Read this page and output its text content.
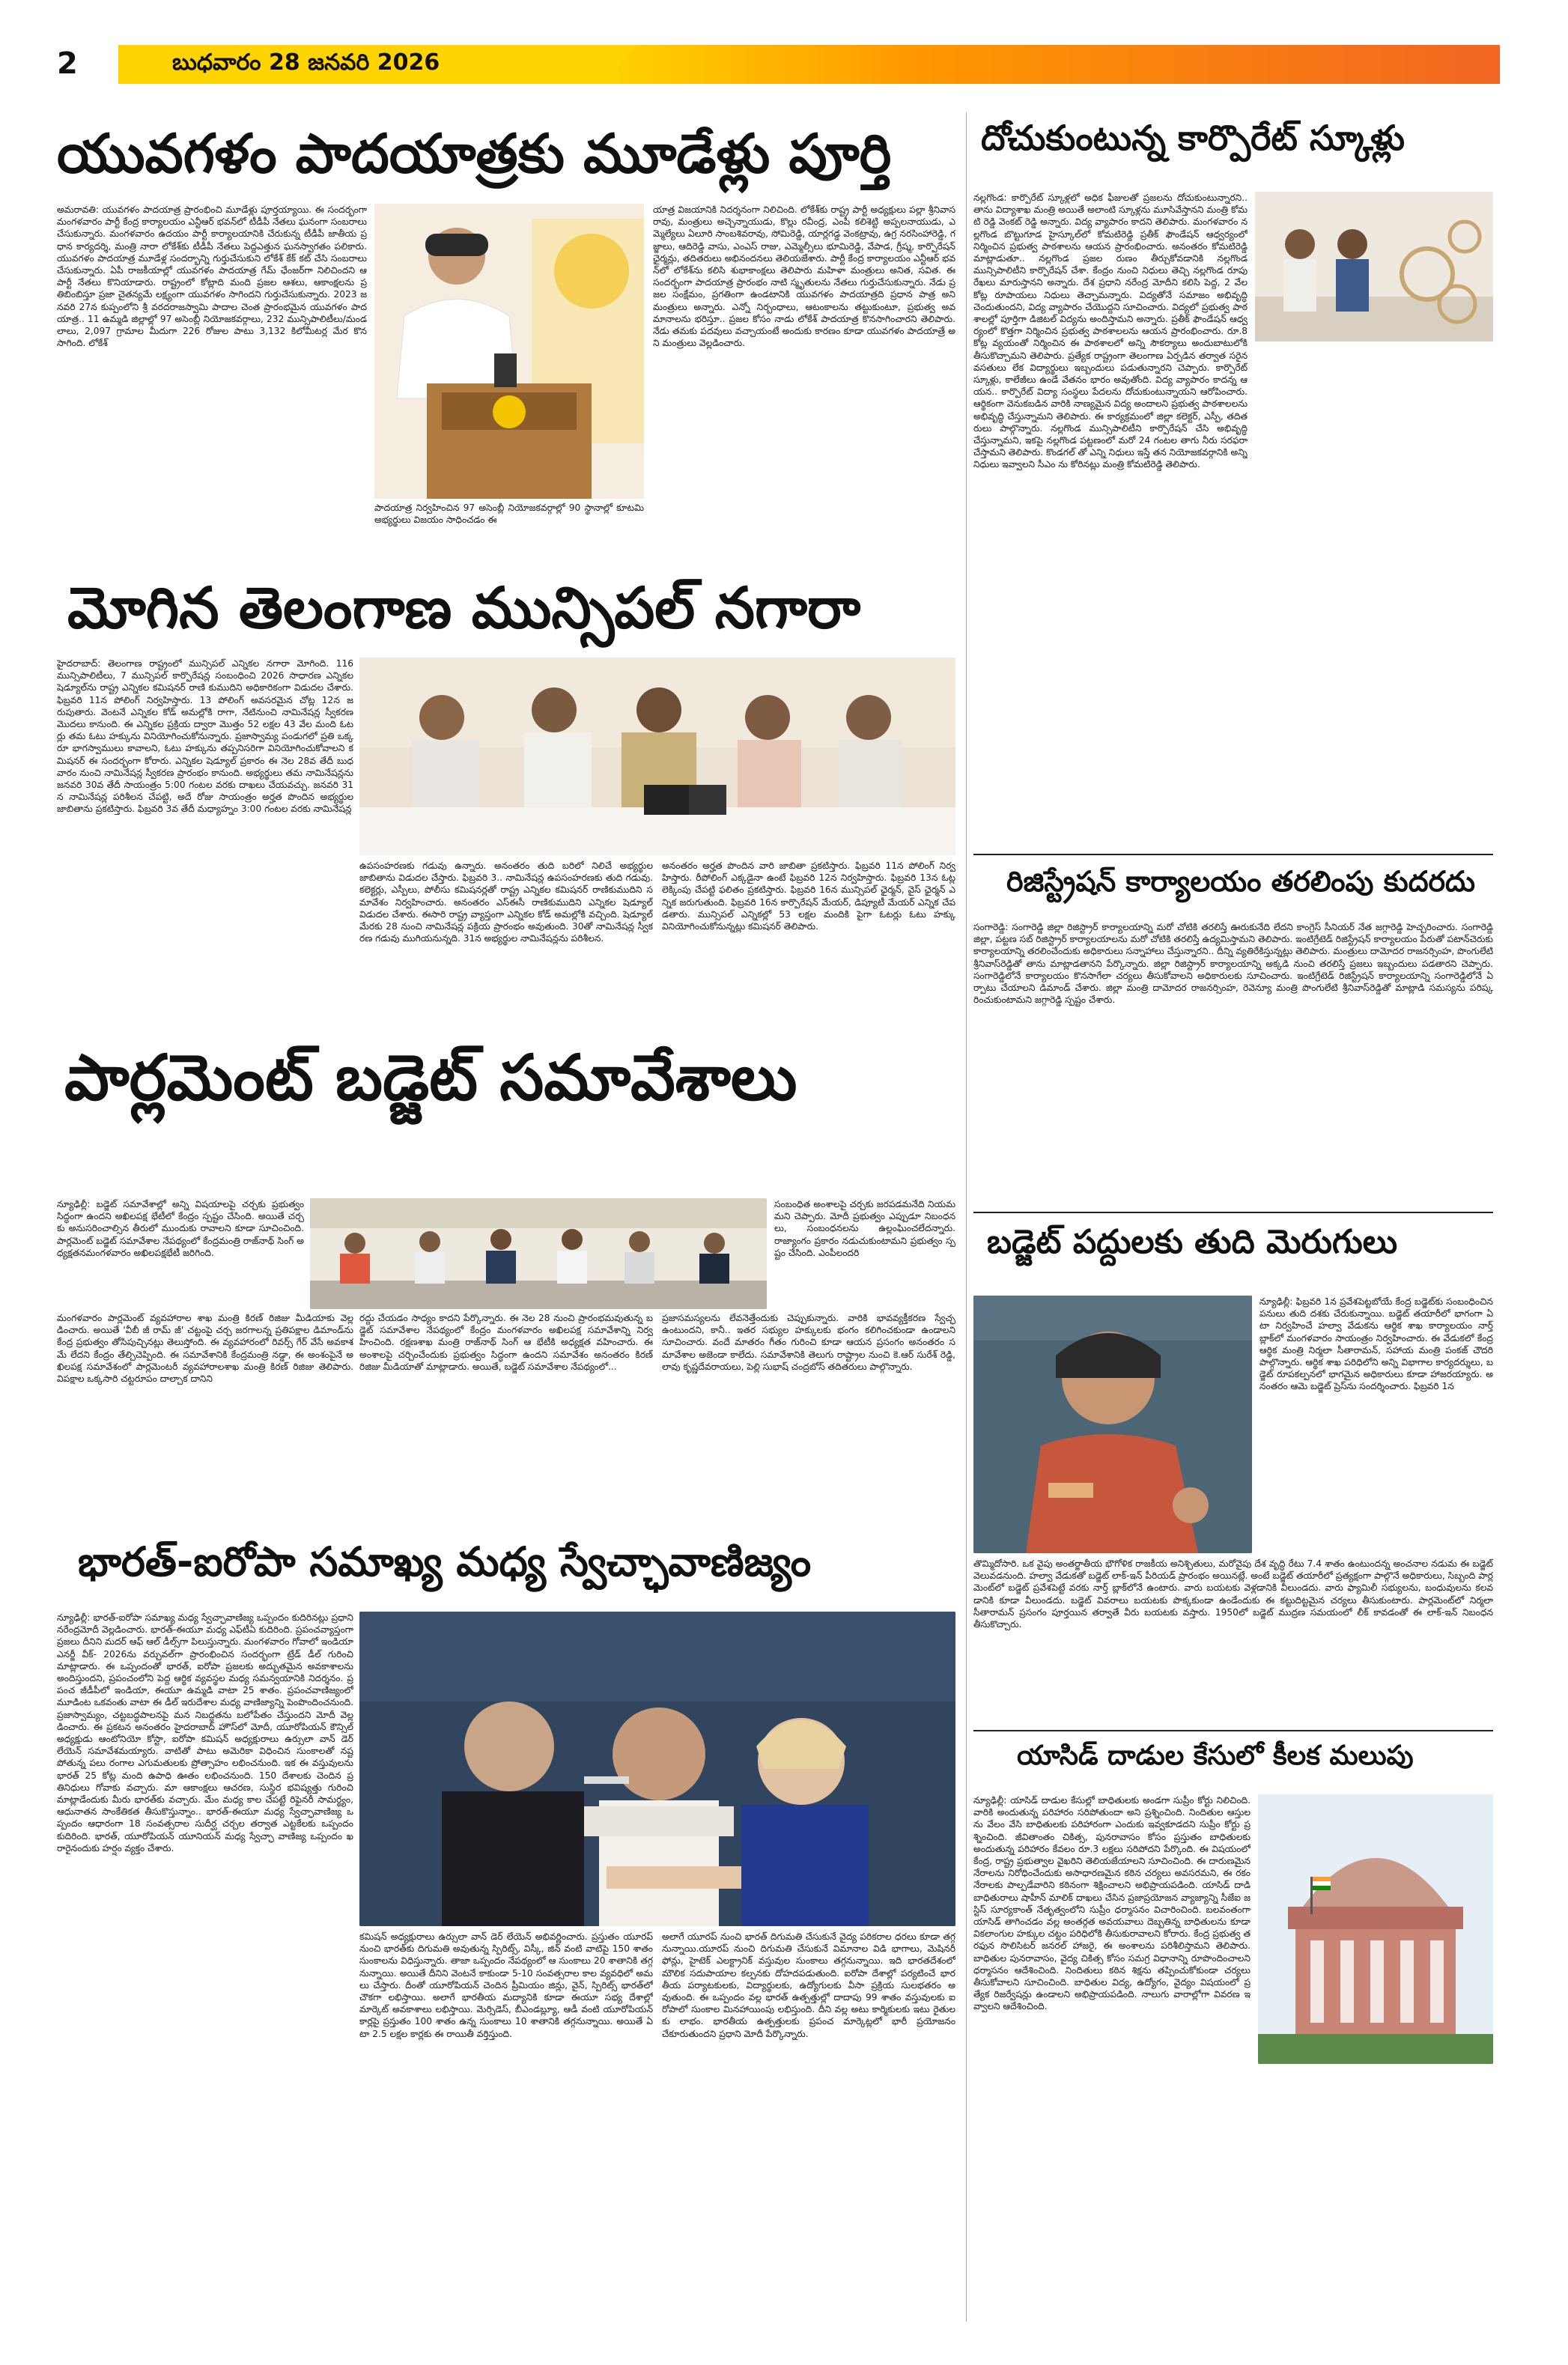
2	బుధవారం 28 జనవరి 2026
యువగళం పాదయాత్రకు మూడేళ్లు పూర్తి
అమరావతి: యువగళం పాదయాత్ర ప్రారంభించి మూడేళ్లు పూర్తయ్యాయి. ఈ సందర్భంగా మంగళవారం పార్టీ కేంద్ర కార్యాలయం ఎన్టీఆర్ భవన్‌లో టీడీపీ నేతలు ఘనంగా సంబరాలు చేసుకున్నారు. మంగళవారం ఉదయం పార్టీ కార్యాలయానికి చేరుకున్న టీడీపీ జాతీయ ప్రధాన కార్యదర్శి, మంత్రి నారా లోకేశ్‌కు టీడీపీ నేతలు పెద్దఎత్తున ఘనస్వాగతం పలికారు. యువగళం పాదయాత్ర మూడేళ్ల సందర్భాన్ని గుర్తుచేసుకుని లోకేశ్ కేక్ కట్ చేసి సంబరాలు చేసుకున్నారు. ఏపీ రాజకీయాల్లో యువగళం పాదయాత్ర గేమ్ ఛేంజర్‌గా నిలిచిందని ఆ పార్టీ నేతలు కొనియాడారు. రాష్ట్రంలో కోట్లాది మంది ప్రజల ఆశలు, ఆకాంక్షలను ప్రతిబింబిస్తూ ప్రజా చైతన్యమే లక్ష్యంగా యువగళం సాగిందని గుర్తుచేసుకున్నారు. 2023 జనవరి 27న కుప్పంలోని శ్రీ వరదరాజస్వామి పాదాల చెంత ప్రారంభమైన యువగళం పాదయాత్ర.. 11 ఉమ్మడి జిల్లాల్లో 97 అసెంబ్లీ నియోజకవర్గాలు, 232 మున్సిపాలిటీలు/మండలాలు, 2,097 గ్రామాల మీదుగా 226 రోజుల పాటు 3,132 కిలోమీటర్ల మేర కొనసాగింది. లోకేశ్
పాదయాత్ర నిర్వహించిన 97 అసెంబ్లీ నియోజకవర్గాల్లో 90 స్థానాల్లో కూటమి అభ్యర్థులు విజయం సాధించడం ఈ
యాత్ర విజయానికి నిదర్శనంగా నిలిచింది. లోకేశ్‌కు రాష్ట్ర పార్టీ అధ్యక్షులు పల్లా శ్రీనివాసరావు, మంత్రులు అచ్చెన్నాయుడు, కొల్లు రవీంద్ర, ఎంపీ కలిశెట్టి అప్పలనాయుడు, ఎమ్మెల్యేలు ఏలూరి సాంబశివరావు, సోమిరెడ్డి, యార్లగడ్డ వెంకట్రావు, ఉగ్ర నరసింహారెడ్డి, గజ్జాలు, ఆదిరెడ్డి వాసు, ఎంఎస్ రాజు, ఎమ్మెల్సీలు భూమిరెడ్డి, వేపాడ, గ్రీష్మ, కార్పొరేషన్ ఛైర్మన్లు, తదితరులు అభినందనలు తెలియజేశారు. పార్టీ కేంద్ర కార్యాలయం ఎన్టీఆర్ భవన్‌లో లోకేశ్‌ను కలిసి శుభాకాంక్షలు తెలిపారు మహిళా మంత్రులు అనిత, సవిత. ఈ సందర్భంగా పాదయాత్ర ప్రారంభం నాటి స్మృతులను నేతలు గుర్తుచేసుకున్నారు. నేడు ప్రజల సంక్షేమం, ప్రగతింగా ఉండటానికి యువగళం పాదయాత్రది ప్రధాన పాత్ర అని మంత్రులు అన్నారు. ఎన్నో నిర్బంధాలు, ఆటంకాలను తట్టుకుంటూ, ప్రభుత్వ అవమానాలను భరిస్తూ.. ప్రజల కోసం నాడు లోకేశ్ పాదయాత్ర కొనసాగించారని తెలిపారు. నేడు తమకు పదవులు వచ్చాయంటే అందుకు కారణం కూడా యువగళం పాదయాత్రే అని మంత్రులు వెల్లడించారు.
మోగిన తెలంగాణ మున్సిపల్ నగారా
హైదరాబాద్: తెలంగాణ రాష్ట్రంలో మున్సిపల్ ఎన్నికల నగారా మోగింది. 116 మున్సిపాలిటీలు, 7 మున్సిపల్ కార్పొరేషన్ల సంబంధించి 2026 సాధారణ ఎన్నికల షెడ్యూల్‌ను రాష్ట్ర ఎన్నికల కమిషనర్ రాణి కుముదిని అధికారికంగా విడుదల చేశారు. ఫిబ్రవరి 11న పోలింగ్ నిర్వహిస్తారు. 13 పోలింగ్ అవసరమైన చోట్ల 12న జరుపుతారు. వెంటనే ఎన్నికల కోడ్ అమల్లోకి రాగా, నేటినుంచి నామినేషన్ల స్వీకరణ మొదలు కానుంది. ఈ ఎన్నికల ప్రక్రియ ద్వారా మొత్తం 52 లక్షల 43 వేల మంది ఓటర్లు తమ ఓటు హక్కును వినియోగించుకోనున్నారు. ప్రజాస్వామ్య పండుగలో ప్రతి ఒక్కరూ భాగస్వాములు కావాలని, ఓటు హక్కును తప్పనిసరిగా వినియోగించుకోవాలని కమిషనర్ ఈ సందర్భంగా కోరారు. ఎన్నికల షెడ్యూల్ ప్రకారం ఈ నెల 28వ తేదీ బుధవారం నుంచి నామినేషన్ల స్వీకరణ ప్రారంభం కానుంది. అభ్యర్థులు తమ నామినేషన్లను జనవరి 30వ తేదీ సాయంత్రం 5:00 గంటల వరకు దాఖలు చేయవచ్చు. జనవరి 31న నామినేషన్ల పరిశీలన చేపట్టి, అదే రోజు సాయంత్రం అర్హత పొందిన అభ్యర్థుల జాబితాను ప్రకటిస్తారు. ఫిబ్రవరి 3వ తేదీ మధ్యాహ్నం 3:00 గంటల వరకు నామినేషన్ల
ఉపసంహరణకు గడువు ఉన్నారు. అనంతరం తుది బరిలో నిలిచే అభ్యర్థుల జాబితాను విడుదల చేస్తారు. ఫిబ్రవరి 3.. నామినేషన్ల ఉపసంహరణకు తుది గడువు. కలెక్టర్లు, ఎస్పీలు, పోలీసు కమిషనర్లతో రాష్ట్ర ఎన్నికల కమిషనర్ రాణికుముదిని సమావేశం నిర్వహించారు. అనంతరం ఎస్‌ఈసీ రాణికుముదిని ఎన్నికల షెడ్యూల్ విడుదల చేశారు. ఈసారి రాష్ట్ర వ్యాప్తంగా ఎన్నికల కోడ్ అమల్లోకి వచ్చింది. షెడ్యూల్ మేరకు 28 నుంచి నామినేషన్ల పక్రియ ప్రారంభం అవుతుంది. 30తో నామినేషన్ల స్వీకరణ గడువు ముగియనున్నది. 31న అభ్యర్థుల నామినేషన్లను పరిశీలన.
అనంతరం అర్హత పొందిన వారి జాబితా ప్రకటిస్తారు. ఫిబ్రవరి 11న పోలింగ్ నిర్వహిస్తారు. రీపోలింగ్ ఎక్కడైనా ఉంటే ఫిబ్రవరి 12న నిర్వహిస్తారు. ఫిబ్రవరి 13న ఓట్ల లెక్కింపు చేపట్టి ఫలితం ప్రకటిస్తారు. ఫిబ్రవరి 16న మున్సిపల్ ఛైర్మన్, వైస్ ఛైర్మన్ ఎన్నిక జరుగుతుంది. ఫిబ్రవరి 16న కార్పొరేషన్ మేయర్, డిప్యూటీ మేయర్ ఎన్నిక చేపడతారు. మున్సిపల్ ఎన్నికల్లో 53 లక్షల మందికి పైగా ఓటర్లు ఓటు హక్కు వినియోగించుకోనున్నట్లు కమిషనర్ తెలిపారు.
పార్లమెంట్ బడ్జెట్ సమావేశాలు
న్యూఢిల్లీ: బడ్జెట్ సమావేశాల్లో అన్ని విషయాలపై చర్చకు ప్రభుత్వం సిద్ధంగా ఉందని అఖిలపక్ష భేటీలో కేంద్రం స్పష్టం చేసింది. అయితే చర్చకు అనుసరించాల్సిన తీరులో ముందుకు రావాలని కూడా సూచించింది. పార్లమెంట్ బడ్జెట్ సమావేశాల నేపథ్యంలో కేంద్రమంత్రి రాజ్‌నాథ్ సింగ్ అధ్యక్షతనమంగళవారం అఖిలపక్షభేటీ జరిగింది.
సంబంధిత అంశాలపై చర్చకు జరపడమనేది నియమమని చెప్పారు. మోదీ ప్రభుత్వం ఎప్పుడూ నిబంధనలు, సంబంధనలను ఉల్లంఘించలేదన్నారు. రాజ్యాంగం ప్రకారం నడుచుకుంటామని ప్రభుత్వం స్పష్టం చేసింది. ఎంపీలందరి
మంగళవారం పార్లమెంట్ వ్యవహారాల శాఖ మంత్రి కిరణ్ రిజిజు మీడియాకు వెల్లడించారు. అయితే 'వీబీ జీ రామ్ జీ' చట్టంపై చర్చ జరగాలన్న ప్రతిపక్షాల డిమాండ్‌ను కేంద్ర ప్రభుత్వం తోసిపుచ్చినట్లు తెలుస్తోంది. ఈ వ్యవహారంలో రివర్స్ గేర్ వేసే అవకాశమే లేదని కేంద్రం తేల్చిచెప్పింది. ఈ సమావేశానికి కేంద్రమంత్రి నడ్డా, ఈ అంశంపైనే అఖిలపక్ష సమావేశంలో పార్లమెంటరీ వ్యవహారాలశాఖ మంత్రి కిరణ్ రిజిజు తెలిపారు. విపక్షాల ఒక్కసారి చట్టరూపం దాల్చాక దానిని
రద్దు చేయడం సాధ్యం కాదని పేర్కొన్నారు. ఈ నెల 28 నుంచి ప్రారంభమవుతున్న బడ్జెట్ సమావేశాల నేపథ్యంలో కేంద్రం మంగళవారం అఖిలపక్ష సమావేశాన్ని నిర్వహించింది. రక్షణశాఖ మంత్రి రాజ్‌నాథ్ సింగ్ ఆ భేటీకి అధ్యక్షత వహించారు. ఈ అంశాలపై చర్చించేందుకు ప్రభుత్వం సిద్ధంగా ఉందని సమావేశం అనంతరం కిరణ్ రిజిజు మీడియాతో మాట్లాడారు. అయితే, బడ్జెట్ సమావేశాల నేపథ్యంలో...
ప్రజాసమస్యలను లేవనెత్తేందుకు చెప్పుకున్నారు. వారికి భావవ్యక్తీకరణ స్వేచ్ఛ ఉంటుందని, కానీ.. ఇతర సభ్యుల హక్కులకు భంగం కలిగించకుండా ఉండాలని సూచించారు. వందే మాతరం గీతం గురించి కూడా ఆయన ప్రసంగం అనంతరం సమావేశాల అజెండా కాలేదు. సమావేశానికి తెలుగు రాష్ట్రాల నుంచి కె.ఆర్ సురేశ్ రెడ్డి, లావు కృష్ణదేవరాయలు, పెల్లి సుభాష్ చంద్రబోస్ తదితరులు పాల్గొన్నారు.
భారత్‌-ఐరోపా సమాఖ్య మధ్య స్వేచ్ఛావాణిజ్యం
న్యూఢిల్లీ: భారత్-ఐరోపా సమాఖ్య మధ్య స్వేచ్ఛావాణిజ్య ఒప్పందం కుదిరినట్లు ప్రధాని నరేంద్రమోదీ వెల్లడించారు. భారత్-ఈయూ మధ్య ఎఫ్‌టీఏ కుదిరింది. ప్రపంచవ్యాప్తంగా ప్రజలు దీనిని మదర్ ఆఫ్ ఆల్ డీల్స్‌గా పిలుస్తున్నారు. మంగళవారం గోవాలో ఇండియా ఎనర్జీ వీక్- 2026ను వర్చువల్‌గా ప్రారంభించిన సందర్భంగా ట్రేడ్ డీల్ గురించి మాట్లాడారు. ఈ ఒప్పందంతో భారత్, ఐరోపా ప్రజలకు అద్భుతమైన అవకాశాలను అందిస్తుందని, ప్రపంచంలోని పెద్ద ఆర్థిక వ్యవస్థల మధ్య సమన్వయానికి నిదర్శనం. ప్రపంచ జీడీపీలో ఇండియా, ఈయూ ఉమ్మడి వాటా 25 శాతం. ప్రపంచవాణిజ్యంలో మూడింట ఒకవంతు వాటా ఈ డీల్ ఇరుదేశాల మధ్య వాణిజ్యాన్ని పెంపొందించనుంది. ప్రజాస్వామ్యం, చట్టబద్ధపాలనపై మన నిబద్ధతను బలోపేతం చేస్తుందని మోదీ వెల్లడించారు. ఈ ప్రకటన అనంతరం హైదరాబాద్ హౌస్‌లో మోదీ, యూరోపియన్ కౌన్సిల్ అధ్యక్షుడు ఆంటోనియో కోస్టా, ఐరోపా కమిషన్ అధ్యక్షురాలు ఉర్సులా వాన్ డెర్ లేయెన్ సమావేశమయ్యారు. వాటితో పాటు అమెరికా విధించిన సుంకాలతో నష్టపోతున్న పలు రంగాల ఎగుమతులకు ప్రోత్సాహం లభించనుంది. ఇక ఈ వస్తువులను భారత్ 25 కోట్ల మంది ఉపాధి ఊతం లభించనుంది. 150 దేశాలకు చెందిన ప్రతినిధులు గోవాకు వచ్చారు. మా ఆకాంక్షలు ఆచరణ, సుస్థిర భవిష్యత్తు గురించి మాట్లాడేందుకు మీరు భారత్‌కు వచ్చారు. మేం మధ్య కాల చేపట్టే రిఫైనరీ సామర్థ్యం, ఆధునాతన సాంకేతికత తీసుకొస్తున్నాం.. భారత్-ఈయూ మధ్య స్వేచ్ఛావాణిజ్య ఒప్పందం ఆధారంగా 18 సంవత్సరాల సుదీర్ఘ చర్చల తర్వాత ఎట్టకేలకు ఒప్పందం కుదిరింది. భారత్, యూరోపియన్ యూనియన్ మధ్య స్వేచ్ఛా వాణిజ్య ఒప్పందం ఖరారైనందుకు హర్షం వ్యక్తం చేశారు.
కమిషన్ అధ్యక్షురాలు ఉర్సులా వాన్ డెర్ లేయెన్ అభివర్ణించారు. ప్రస్తుతం యూరప్ నుంచి భారత్‌కు దిగుమతి అవుతున్న స్పిరిట్స్, విస్కీ, జిన్ వంటి వాటిపై 150 శాతం సుంకాలను విధిస్తున్నారు. తాజా ఒప్పందం నేపథ్యంలో ఆ సుంకాలు 20 శాతానికి తగ్గనున్నాయి. అయితే దీనిని వెంటనే కాకుండా 5-10 సంవత్సరాల కాల వ్యవధిలో అమలు చేస్తారు. దీంతో యూరోపియన్ చెందిన ప్రీమియం జిన్లు, వైన్, స్పిరిట్స్ భారత్‌లో చౌకగా లభిస్తాయి. అలాగే భారతీయ మద్యానికి కూడా ఈయూ సభ్య దేశాల్లో మార్కెట్ అవకాశాలు లభిస్తాయి. మెర్సిడెస్, బీఎండబ్ల్యూ, ఆడీ వంటి యూరోపియన్ కార్లపై ప్రస్తుతం 100 శాతం ఉన్న సుంకాలు 10 శాతానికి తగ్గనున్నాయి. అయితే ఏటా 2.5 లక్షల కార్లకు ఈ రాయితీ వర్తిస్తుంది.
అలాగే యూరప్ నుంచి భారత్ దిగుమతి చేసుకునే వైద్య పరికరాల ధరలు కూడా తగ్గనున్నాయి.యూరప్ నుంచి దిగుమతి చేసుకునే విమానాల విడి భాగాలు, మెషినరీ ఫోన్లు, హైటెక్ ఎలక్ట్రానిక్ వస్తువుల సుంకాలు తగ్గనున్నాయి. ఇది భారతదేశంలో మౌలిక సదుపాయాల కల్పనకు దోహదపడుతుంది. ఐరోపా దేశాల్లో పర్యటించే భారతీయ పర్యాటకులకు, విద్యార్థులకు, ఉద్యోగులకు వీసా ప్రక్రియ సులభతరం అవుతుంది. ఈ ఒప్పందం వల్ల భారత్ ఉత్పత్తుల్లో దాదాపు 99 శాతం వస్తువులకు ఐరోపాలో సుంకాల మినహాయింపు లభిస్తుంది. దీని వల్ల అటు కార్మికులకు ఇటు రైతులకు లాభం. భారతీయ ఉత్పత్తులకు ప్రపంచ మార్కెట్లలో భారీ ప్రయోజనం చేకూరుతుందని ప్రధాని మోదీ పేర్కొన్నారు.
దోచుకుంటున్న కార్పొరేట్ స్కూళ్లు
నల్లగొండ: కార్పొరేట్ స్కూళ్లలో అధిక ఫీజులతో ప్రజలను దోచుకుంటున్నారని.. తాను విద్యాశాఖ మంత్రి అయితే అలాంటి స్కూళ్లను మూసివేస్తానని మంత్రి కోమటి రెడ్డి వెంకట్ రెడ్డి అన్నారు. విద్య వ్యాపారం కాదని తెలిపారు. మంగళవారం నల్లగొండ బొట్టుగూడ హైస్కూల్‌లో కోమటిరెడ్డి ప్రతీక్ ఫౌండేషన్ ఆధ్వర్యంలో నిర్మించిన ప్రభుత్వ పాఠశాలను ఆయన ప్రారంభించారు. అనంతరం కోమటిరెడ్డి మాట్లాడుతూ.. నల్లగొండ ప్రజల రుణం తీర్చుకోవడానికి నల్లగొండ మున్సిపాలిటీని కార్పొరేషన్ చేశా. కేంద్రం నుంచి నిధులు తెచ్చి నల్లగొండ రూపు రేఖలు మారుస్తానని అన్నారు. దేశ ప్రధాని నరేంద్ర మోదీని కలిసి పెద్ద, 2 వేల కోట్ల రూపాయలు నిధులు తెచ్చామన్నారు. విద్యతోనే సమాజం అభివృద్ధి చెందుతుందని, విద్య వ్యాపారం చేయొద్దని సూచించారు. విద్యలో ప్రభుత్వ పాఠశాలల్లో పూర్తిగా డిజిటల్ విద్యను అందిస్తామని అన్నారు. ప్రతీక్ ఫౌండేషన్ ఆధ్వర్యంలో కొత్తగా నిర్మించిన ప్రభుత్వ పాఠశాలలను ఆయన ప్రారంభించారు. రూ.8కోట్ల వ్యయంతో నిర్మించిన ఈ పాఠశాలలో అన్ని సౌకర్యాలు అందుబాటులోకి తీసుకొచ్చామని తెలిపారు. ప్రత్యేక రాష్ట్రంగా తెలంగాణ ఏర్పడిన తర్వాత సరైన వసతులు లేక విద్యార్థులు ఇబ్బందులు పడుతున్నారని చెప్పారు. కార్పొరేట్ స్కూళ్లు, కాలేజీలు ఉండే వేతనం భారం అవుతోంది. విద్య వ్యాపారం కాదన్న ఆయన.. కార్పొరేట్ విద్యా సంస్థలు పేదలను దోచుకుంటున్నాయని ఆరోపించారు. ఆర్థికంగా వెనుకబడిన వారికి నాణ్యమైన విద్య అందాలని ప్రభుత్వ పాఠశాలలను అభివృద్ధి చేస్తున్నామని తెలిపారు. ఈ కార్యక్రమంలో జిల్లా కలెక్టర్, ఎస్పీ, తదితరులు పాల్గొన్నారు. నల్లగొండ మున్సిపాలిటీని కార్పొరేషన్ చేసి అభివృద్ధి చేస్తున్నామని, ఇకపై నల్లగొండ పట్టణంలో మరో 24 గంటల తాగు నీరు సరఫరా చేస్తామని తెలిపారు. కొండగల్ తో ఎన్ని నిధులు ఇస్తే తన నియోజకవర్గానికి అన్ని నిధులు ఇవ్వాలని సీఎం ను కోరినట్లు మంత్రి కోమటిరెడ్డి తెలిపారు.
రిజిస్ట్రేషన్ కార్యాలయం తరలింపు కుదరదు
సంగారెడ్డి: సంగారెడ్డి జిల్లా రిజిస్ట్రార్ కార్యాలయాన్ని మరో చోటికి తరలిస్తే ఊరుకునేది లేదని కాంగ్రెస్ సీనియర్ నేత జగ్గారెడ్డి హెచ్చరించారు. సంగారెడ్డి జిల్లా, పట్టణ సబ్ రిజిస్ట్రార్ కార్యాలయాలను మరో చోటికి తరలిస్తే ఉద్యమిస్తామని తెలిపారు. ఇంటిగ్రేటెడ్ రిజిస్ట్రేషన్ కార్యాలయం పేరుతో పటాన్‌చెరుకు కార్యాలయాన్ని తరలించేందుకు అధికారులు సన్నాహాలు చేస్తున్నారని.. దీన్ని వ్యతిరేకిస్తున్నట్లు తెలిపారు. మంత్రులు దామోదర రాజనర్సింహ, పొంగులేటి శ్రీనివాస్‌రెడ్డితో తాను మాట్లాడతానని పేర్కొన్నారు. జిల్లా రిజిస్ట్రార్ కార్యాలయాన్ని అక్కడి నుంచి తరలిస్తే ప్రజలు ఇబ్బందులు పడతారని చెప్పారు. సంగారెడ్డిలోనే కార్యాలయం కొనసాగేలా చర్యలు తీసుకోవాలని అధికారులకు సూచించారు. ఇంటిగ్రేటెడ్ రిజిస్ట్రేషన్ కార్యాలయాన్ని సంగారెడ్డిలోనే ఏర్పాటు చేయాలని డిమాండ్ చేశారు. జిల్లా మంత్రి దామోదర రాజనర్సింహ, రెవెన్యూ మంత్రి పొంగులేటి శ్రీనివాస్‌రెడ్డితో మాట్లాడి సమస్యను పరిష్కరించుకుంటామని జగ్గారెడ్డి స్పష్టం చేశారు.
బడ్జెట్ పద్దులకు తుది మెరుగులు
న్యూఢిల్లీ: ఫిబ్రవరి 1న ప్రవేశపెట్టబోయే కేంద్ర బడ్జెట్‌కు సంబంధించిన పనులు తుది దశకు చేరుకున్నాయి. బడ్జెట్ తయారీలో భాగంగా ఏటా నిర్వహించే హల్వా వేడుకను ఆర్థిక శాఖ కార్యాలయం నార్త్ బ్లాక్‌లో మంగళవారం సాయంత్రం నిర్వహించారు. ఈ వేడుకలో కేంద్ర ఆర్థిక మంత్రి నిర్మలా సీతారామన్, సహాయ మంత్రి పంకజ్ చౌదరి పాల్గొన్నారు. ఆర్థిక శాఖ పరిధిలోని అన్ని విభాగాల కార్యదర్శులు, బడ్జెట్ రూపకల్పనలో భాగమైన అధికారులు కూడా హాజరయ్యారు. అనంతరం ఆమె బడ్జెట్ ప్రెస్‌ను సందర్శించారు. ఫిబ్రవరి 1న
తొమ్మిదోసారి. ఒక వైపు అంతర్జాతీయ భౌగోళిక రాజకీయ అనిశ్చితులు, మరోవైపు దేశ వృద్ధి రేటు 7.4 శాతం ఉంటుందన్న అంచనాల నడుమ ఈ బడ్జెట్ వెలువడనుంది. హల్వా వేడుకతో బడ్జెట్ లాక్-ఇన్ పీరియడ్ ప్రారంభం అయినట్లే. అంటే బడ్జెట్ తయారీలో ప్రత్యక్షంగా పాల్గొనే అధికారులు, సిబ్బంది పార్లమెంట్‌లో బడ్జెట్ ప్రవేశపెట్టే వరకు నార్త్ బ్లాక్‌లోనే ఉంటారు. వారు బయటకు వెళ్లడానికి వీలుండదు. వారు ఫ్యామిలీ సభ్యులను, బంధువులను కలవడానికి కూడా వీలుండదు. బడ్జెట్ వివరాలు బయటకు పొక్కకుండా ఉండేందుకు ఈ కట్టుదిట్టమైన చర్యలు తీసుకుంటారు. పార్లమెంట్‌లో నిర్మలా సీతారామన్ ప్రసంగం పూర్తయిన తర్వాతే వీరు బయటకు వస్తారు. 1950లో బడ్జెట్ ముద్రణ సమయంలో లీక్ కావడంతో ఈ లాక్-ఇన్ నిబంధన తీసుకొచ్చారు.
యాసిడ్ దాడుల కేసులో కీలక మలుపు
న్యూఢిల్లీ: యాసిడ్ దాడుల కేసుల్లో బాధితులకు అండగా సుప్రీం కోర్టు నిలిచింది. వారికి అందుతున్న పరిహారం సరిపోతుందా అని ప్రశ్నించింది. నిందితుల ఆస్తులను వేలం వేసి బాధితులకు పరిహారంగా ఎందుకు ఇవ్వకూడదని సుప్రీం కోర్టు ప్రశ్నించింది. జీవితాంతం చికిత్స, పునరావాసం కోసం ప్రస్తుతం బాధితులకు అందుతున్న పరిహారం కేవలం రూ.3 లక్షలు సరిపోదని పేర్కొంది. ఈ విషయంలో కేంద్ర, రాష్ట్ర ప్రభుత్వాల వైఖరిని తెలియజేయాలని సూచించింది. ఈ దారుణమైన నేరాలను నిరోధించేందుకు అసాధారణమైన కఠిన చర్యలు అవసరమని, ఈ రకం నేరాలకు పాల్పడేవారిని కఠినంగా శిక్షించాలని అభిప్రాయపడింది. యాసిడ్ దాడి బాధితురాలు షాహీన్ మాలిక్ దాఖలు చేసిన ప్రజాప్రయోజన వ్యాజ్యాన్ని సీజేఐ జస్టిస్ సూర్యకాంత్ నేతృత్వంలోని సుప్రీం ధర్మాసనం విచారించింది. బలవంతంగా యాసిడ్ తాగించడం వల్ల అంతర్గత అవయవాలు దెబ్బతిన్న బాధితులను కూడా వికలాంగుల హక్కుల చట్టం పరిధిలోకి తీసుకురావాలని కోరారు. కేంద్ర ప్రభుత్వ తరఫున సొలిసిటర్ జనరల్ హాజరై, ఈ అంశాలను పరిశీలిస్తామని తెలిపారు. బాధితుల పునరావాసం, వైద్య చికిత్స కోసం సమగ్ర విధానాన్ని రూపొందించాలని ధర్మాసనం ఆదేశించింది. నిందితులు కఠిన శిక్షను తప్పించుకోకుండా చర్యలు తీసుకోవాలని సూచించింది. బాధితుల విద్య, ఉద్యోగం, వైద్యం విషయంలో ప్రత్యేక రిజర్వేషన్లు ఉండాలని అభిప్రాయపడింది. నాలుగు వారాల్లోగా వివరణ ఇవ్వాలని ఆదేశించింది.
